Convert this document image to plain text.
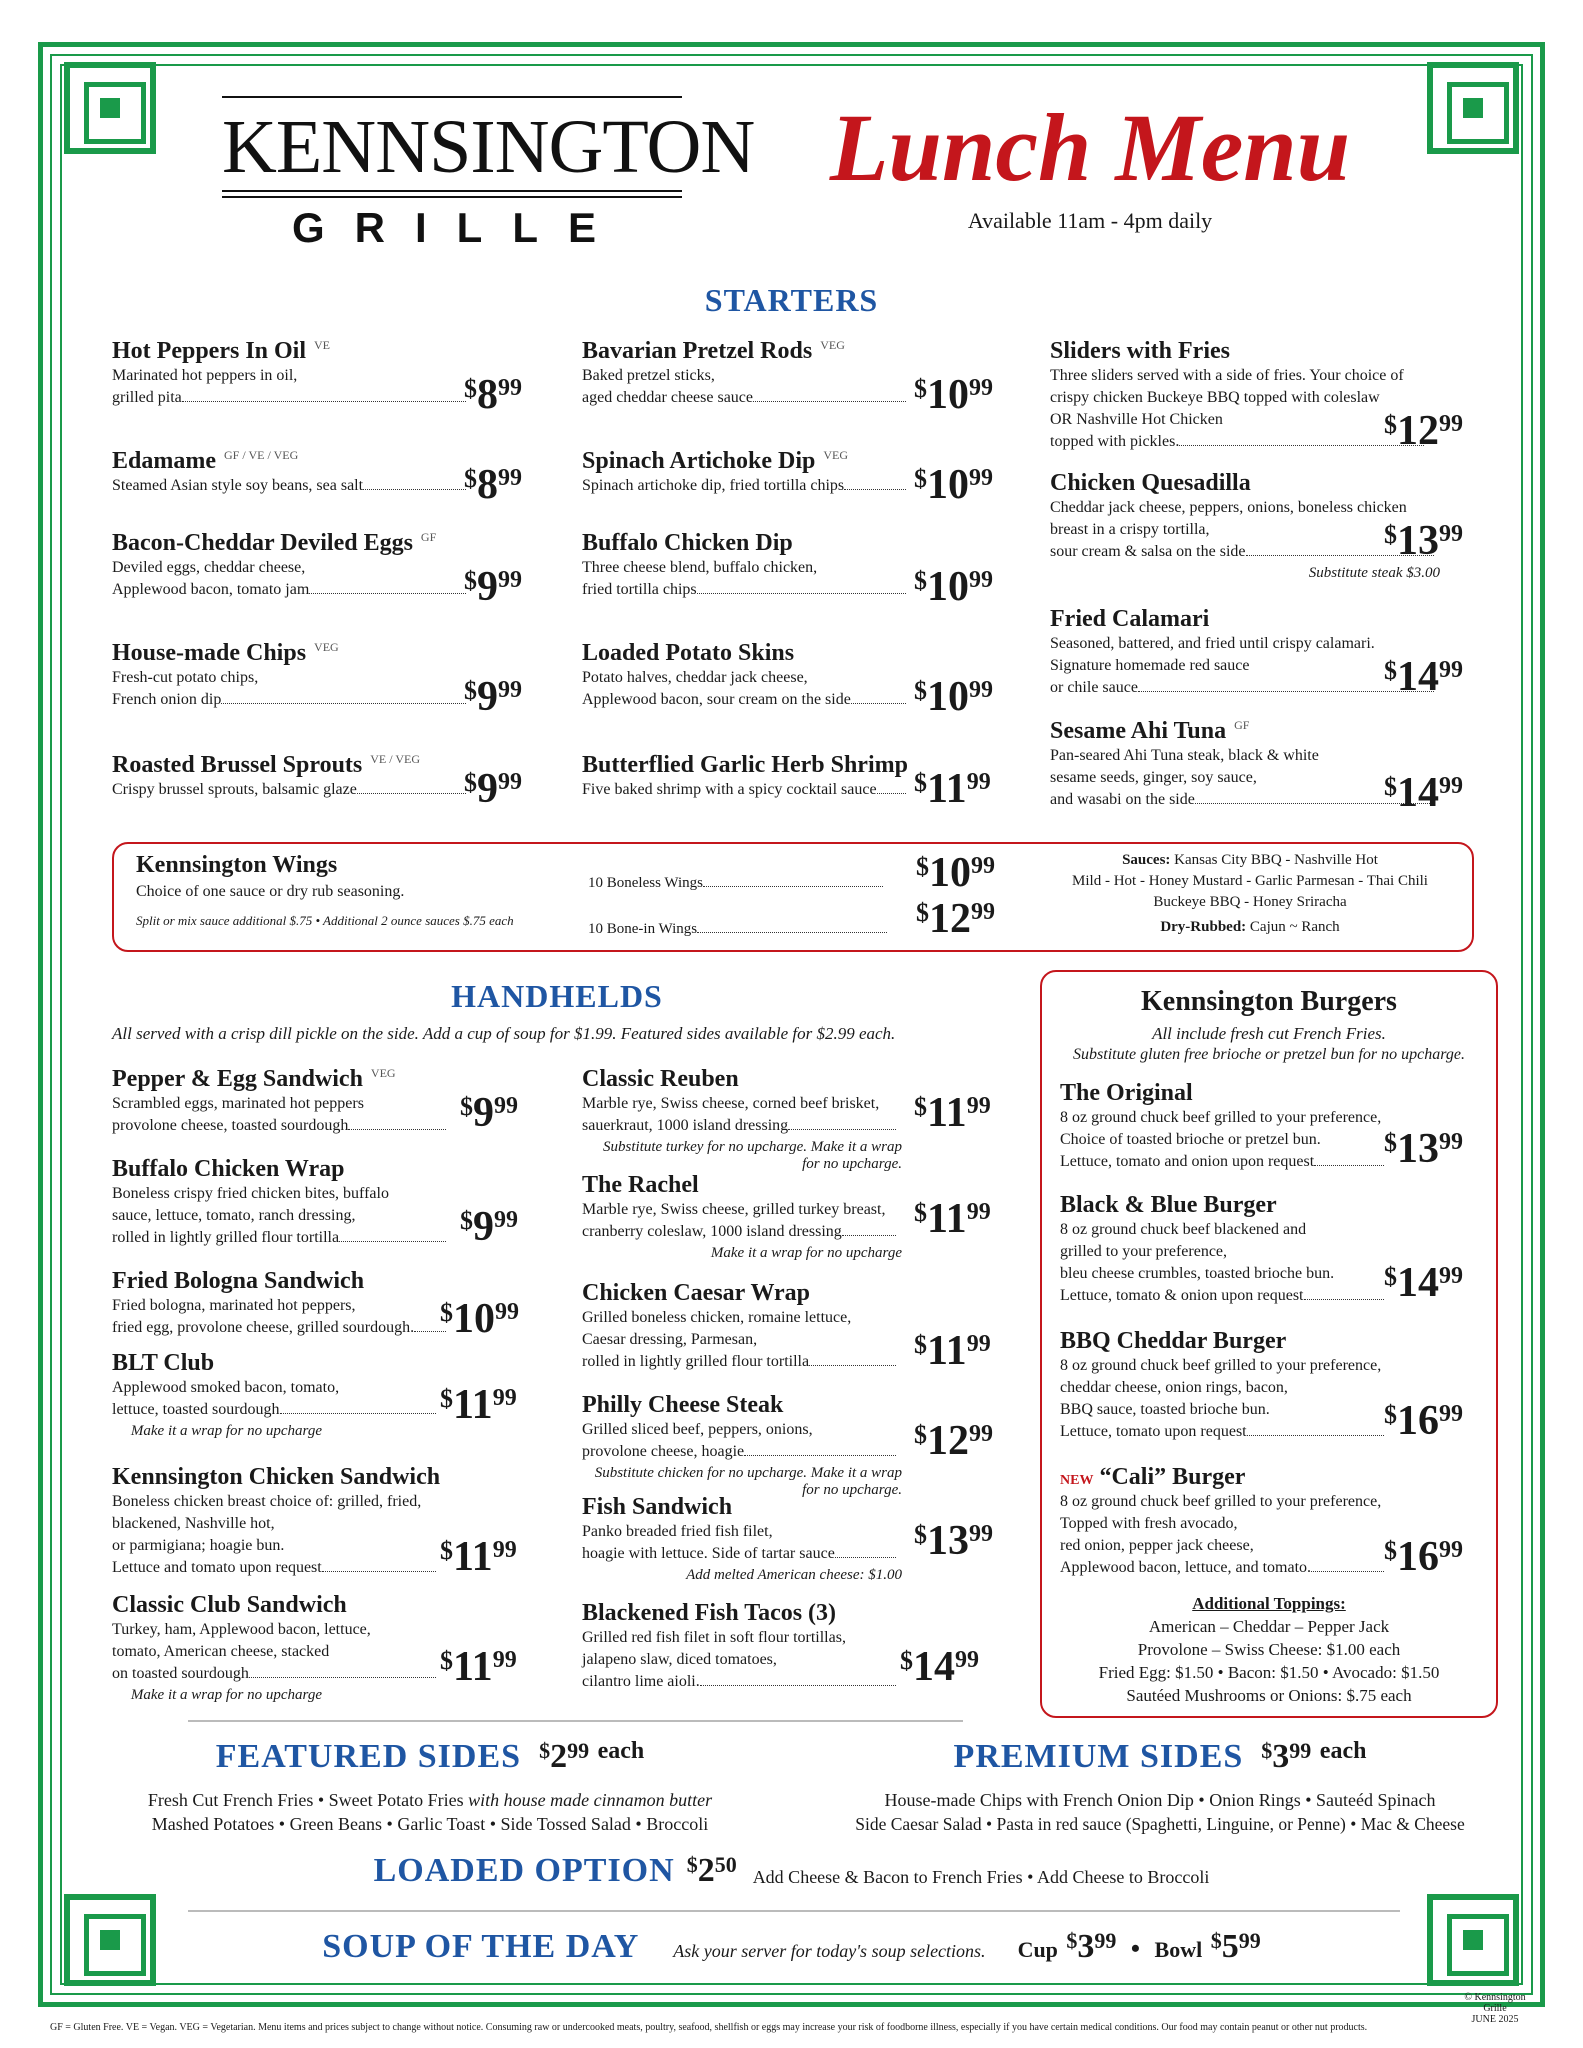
KENNSINGTON
GRILLE
Lunch Menu
Available 11am - 4pm daily
STARTERS
Hot Peppers In Oil $^{VE}$
Marinated hot peppers in oil,
grilled pita	$^{\$}8^{99}$
Edamame $^{GF / VE / VEG}$
Steamed Asian style soy beans, sea salt	$^{\$}8^{99}$
Bacon-Cheddar Deviled Eggs $^{GF}$
Deviled eggs, cheddar cheese,
Applewood bacon, tomato jam	$^{\$}9^{99}$
House-made Chips $^{VEG}$
Fresh-cut potato chips,
French onion dip	$^{\$}9^{99}$
Roasted Brussel Sprouts $^{VE / VEG}$
Crispy brussel sprouts, balsamic glaze	$^{\$}9^{99}$
Bavarian Pretzel Rods $^{VEG}$
Baked pretzel sticks,
aged cheddar cheese sauce	$^{\$}10^{99}$
Spinach Artichoke Dip $^{VEG}$
Spinach artichoke dip, fried tortilla chips	$^{\$}10^{99}$
Buffalo Chicken Dip
Three cheese blend, buffalo chicken,
fried tortilla chips	$^{\$}10^{99}$
Loaded Potato Skins
Potato halves, cheddar jack cheese,
Applewood bacon, sour cream on the side	$^{\$}10^{99}$
Butterflied Garlic Herb Shrimp
Five baked shrimp with a spicy cocktail sauce	$^{\$}11^{99}$
Sliders with Fries
Three sliders served with a side of fries. Your choice of
crispy chicken Buckeye BBQ topped with coleslaw
OR Nashville Hot Chicken
topped with pickles.
$^{\$}12^{99}$
Chicken Quesadilla
Cheddar jack cheese, peppers, onions, boneless chicken
breast in a crispy tortilla,
sour cream & salsa on the side
Substitute steak $3.00
$^{\$}13^{99}$
Fried Calamari
Seasoned, battered, and fried until crispy calamari.
Signature homemade red sauce
or chile sauce
$^{\$}14^{99}$
Sesame Ahi Tuna $^{GF}$
Pan-seared Ahi Tuna steak, black & white
sesame seeds, ginger, soy sauce,
and wasabi on the side	$^{\$}14^{99}$
Kennsington Wings
Choice of one sauce or dry rub seasoning.
Split or mix sauce additional $.75 • Additional 2 ounce sauces $.75 each
10 Boneless Wings
$^{\$}10^{99}$
10 Bone-in Wings
$^{\$}12^{99}$
Sauces: Kansas City BBQ - Nashville Hot
Mild - Hot - Honey Mustard - Garlic Parmesan - Thai Chili
Buckeye BBQ - Honey Sriracha
Dry-Rubbed: Cajun ~ Ranch
HANDHELDS
All served with a crisp dill pickle on the side. Add a cup of soup for $1.99. Featured sides available for $2.99 each.
Pepper & Egg Sandwich $^{VEG}$
Scrambled eggs, marinated hot peppers
provolone cheese, toasted sourdough
$^{\$}9^{99}$
Buffalo Chicken Wrap
Boneless crispy fried chicken bites, buffalo
sauce, lettuce, tomato, ranch dressing,
rolled in lightly grilled flour tortilla
$^{\$}9^{99}$
Fried Bologna Sandwich
Fried bologna, marinated hot peppers,
fried egg, provolone cheese, grilled sourdough.
$^{\$}10^{99}$
BLT Club
Applewood smoked bacon, tomato,
lettuce, toasted sourdough
Make it a wrap for no upcharge
$^{\$}11^{99}$
Kennsington Chicken Sandwich
Boneless chicken breast choice of: grilled, fried,
blackened, Nashville hot,
or parmigiana; hoagie bun.
Lettuce and tomato upon request
$^{\$}11^{99}$
Classic Club Sandwich
Turkey, ham, Applewood bacon, lettuce,
tomato, American cheese, stacked
on toasted sourdough
Make it a wrap for no upcharge
$^{\$}11^{99}$
Classic Reuben
Marble rye, Swiss cheese, corned beef brisket,
sauerkraut, 1000 island dressing
Substitute turkey for no upcharge. Make it a wrap for no upcharge.
$^{\$}11^{99}$
The Rachel
Marble rye, Swiss cheese, grilled turkey breast,
cranberry coleslaw, 1000 island dressing
Make it a wrap for no upcharge
$^{\$}11^{99}$
Chicken Caesar Wrap
Grilled boneless chicken, romaine lettuce,
Caesar dressing, Parmesan,
rolled in lightly grilled flour tortilla
$^{\$}11^{99}$
Philly Cheese Steak
Grilled sliced beef, peppers, onions,
provolone cheese, hoagie
Substitute chicken for no upcharge. Make it a wrap for no upcharge.
$^{\$}12^{99}$
Fish Sandwich
Panko breaded fried fish filet,
hoagie with lettuce. Side of tartar sauce
Add melted American cheese: $1.00
$^{\$}13^{99}$
Blackened Fish Tacos (3)
Grilled red fish filet in soft flour tortillas,
jalapeno slaw, diced tomatoes,
cilantro lime aioli.
$^{\$}14^{99}$
Kennsington Burgers
All include fresh cut French Fries.
Substitute gluten free brioche or pretzel bun for no upcharge.
The Original
8 oz ground chuck beef grilled to your preference,
Choice of toasted brioche or pretzel bun.
Lettuce, tomato and onion upon request
$^{\$}13^{99}$
Black & Blue Burger
8 oz ground chuck beef blackened and
grilled to your preference,
bleu cheese crumbles, toasted brioche bun.
Lettuce, tomato & onion upon request
$^{\$}14^{99}$
BBQ Cheddar Burger
8 oz ground chuck beef grilled to your preference,
cheddar cheese, onion rings, bacon,
BBQ sauce, toasted brioche bun.
Lettuce, tomato upon request
$^{\$}16^{99}$
NEW “Cali” Burger
8 oz ground chuck beef grilled to your preference,
Topped with fresh avocado,
red onion, pepper jack cheese,
Applewood bacon, lettuce, and tomato.
$^{\$}16^{99}$
Additional Toppings:
American – Cheddar – Pepper Jack
Provolone – Swiss Cheese: $1.00 each
Fried Egg: $1.50 • Bacon: $1.50 • Avocado: $1.50
Sautéed Mushrooms or Onions: $.75 each
FEATURED SIDES $^{\$}2^{99}$ $^{each}$
Fresh Cut French Fries • Sweet Potato Fries with house made cinnamon butter
Mashed Potatoes • Green Beans • Garlic Toast • Side Tossed Salad • Broccoli
PREMIUM SIDES $^{\$}3^{99}$ $^{each}$
House-made Chips with French Onion Dip • Onion Rings • Sauteéd Spinach
Side Caesar Salad • Pasta in red sauce (Spaghetti, Linguine, or Penne) • Mac & Cheese
LOADED OPTION $^{\$}2^{50}$ Add Cheese & Bacon to French Fries • Add Cheese to Broccoli
SOUP OF THE DAY Ask your server for today's soup selections. Cup $^{\$}3^{99}$ • Bowl $^{\$}5^{99}$
© Kennsington Grille
JUNE 2025
GF = Gluten Free. VE = Vegan. VEG = Vegetarian. Menu items and prices subject to change without notice. Consuming raw or undercooked meats, poultry, seafood, shellfish or eggs may increase your risk of foodborne illness, especially if you have certain medical conditions. Our food may contain peanut or other nut products.
